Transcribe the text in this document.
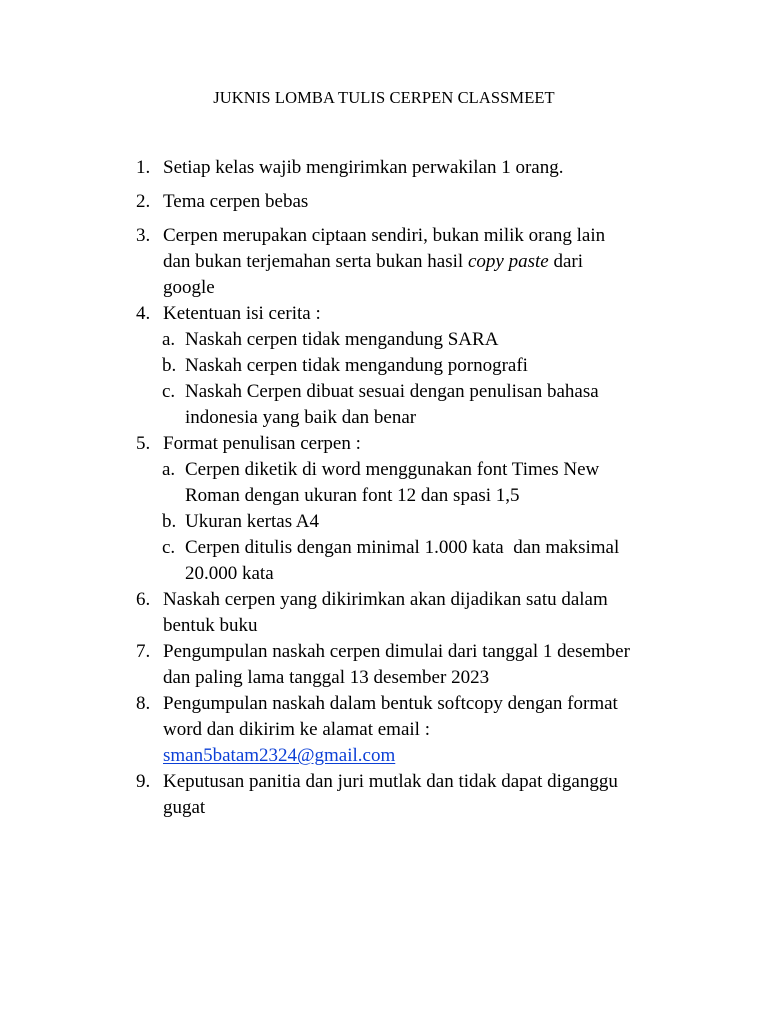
JUKNIS LOMBA TULIS CERPEN CLASSMEET
1. Setiap kelas wajib mengirimkan perwakilan 1 orang.
2. Tema cerpen bebas
3. Cerpen merupakan ciptaan sendiri, bukan milik orang lain
dan bukan terjemahan serta bukan hasil copy paste dari
google
4. Ketentuan isi cerita :
a. Naskah cerpen tidak mengandung SARA
b. Naskah cerpen tidak mengandung pornografi
c. Naskah Cerpen dibuat sesuai dengan penulisan bahasa
indonesia yang baik dan benar
5. Format penulisan cerpen :
a. Cerpen diketik di word menggunakan font Times New
Roman dengan ukuran font 12 dan spasi 1,5
b. Ukuran kertas A4
c. Cerpen ditulis dengan minimal 1.000 kata  dan maksimal
20.000 kata
6. Naskah cerpen yang dikirimkan akan dijadikan satu dalam
bentuk buku
7. Pengumpulan naskah cerpen dimulai dari tanggal 1 desember
dan paling lama tanggal 13 desember 2023
8. Pengumpulan naskah dalam bentuk softcopy dengan format
word dan dikirim ke alamat email :
sman5batam2324@gmail.com
9. Keputusan panitia dan juri mutlak dan tidak dapat diganggu
gugat
